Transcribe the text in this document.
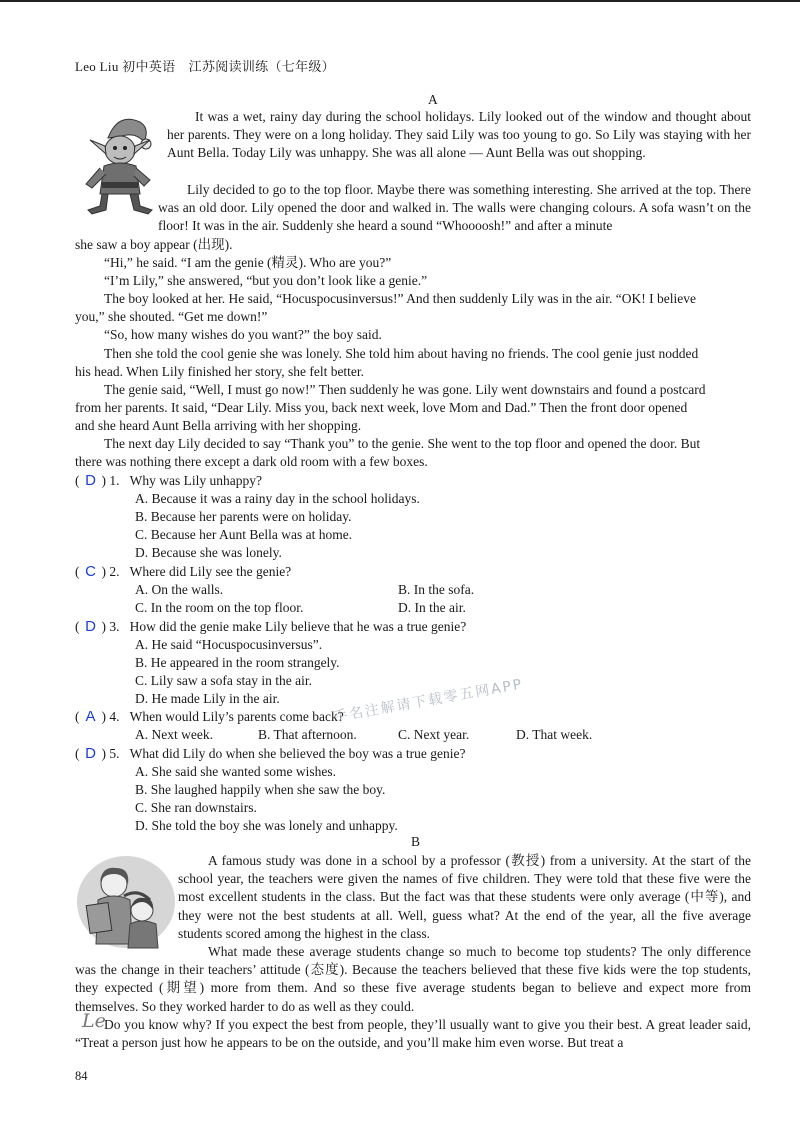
Leo Liu 初中英语　江苏阅读训练（七年级）
A
It was a wet, rainy day during the school holidays. Lily looked out of the window and thought about her parents. They were on a long holiday. They said Lily was too young to go. So Lily was staying with her Aunt Bella. Today Lily was unhappy. She was all alone — Aunt Bella was out shopping.
Lily decided to go to the top floor. Maybe there was something interesting. She arrived at the top. There was an old door. Lily opened the door and walked in. The walls were changing colours. A sofa wasn’t on the floor! It was in the air. Suddenly she heard a sound “Whoooosh!” and after a minute
she saw a boy appear (出现).
“Hi,” he said. “I am the genie (精灵). Who are you?”
“I’m Lily,” she answered, “but you don’t look like a genie.”
The boy looked at her. He said, “Hocuspocusinversus!” And then suddenly Lily was in the air. “OK! I believe
you,” she shouted. “Get me down!”
“So, how many wishes do you want?” the boy said.
Then she told the cool genie she was lonely. She told him about having no friends. The cool genie just nodded
his head. When Lily finished her story, she felt better.
The genie said, “Well, I must go now!” Then suddenly he was gone. Lily went downstairs and found a postcard
from her parents. It said, “Dear Lily. Miss you, back next week, love Mom and Dad.” Then the front door opened
and she heard Aunt Bella arriving with her shopping.
The next day Lily decided to say “Thank you” to the genie. She went to the top floor and opened the door. But
there was nothing there except a dark old room with a few boxes.
( D ) 1. Why was Lily unhappy?
A. Because it was a rainy day in the school holidays.
B. Because her parents were on holiday.
C. Because her Aunt Bella was at home.
D. Because she was lonely.
( C ) 2. Where did Lily see the genie?
A. On the walls.	B. In the sofa.
C. In the room on the top floor.	D. In the air.
( D ) 3. How did the genie make Lily believe that he was a true genie?
A. He said “Hocuspocusinversus”.
B. He appeared in the room strangely.
C. Lily saw a sofa stay in the air.
D. He made Lily in the air.
( A ) 4. When would Lily’s parents come back?
A. Next week.	B. That afternoon.	C. Next year.	D. That week.
( D ) 5. What did Lily do when she believed the boy was a true genie?
A. She said she wanted some wishes.
B. She laughed happily when she saw the boy.
C. She ran downstairs.
D. She told the boy she was lonely and unhappy.
手名注解请下载零五网APP
B
A famous study was done in a school by a professor (教授) from a university. At the start of the school year, the teachers were given the names of five children. They were told that these five were the most excellent students in the class. But the fact was that these students were only average (中等), and they were not the best students at all. Well, guess what? At the end of the year, all the five average students scored among the highest in the class.
What made these average students change so much to become top students? The only difference was the change in their teachers’ attitude (态度). Because the teachers believed that these five kids were the top students, they expected (期望) more from them. And so these five average students began to believe and expect more from themselves. So they worked harder to do as well as they could.
Do you know why? If you expect the best from people, they’ll usually want to give you their best. A great leader said, “Treat a person just how he appears to be on the outside, and you’ll make him even worse. But treat a
Le
84
